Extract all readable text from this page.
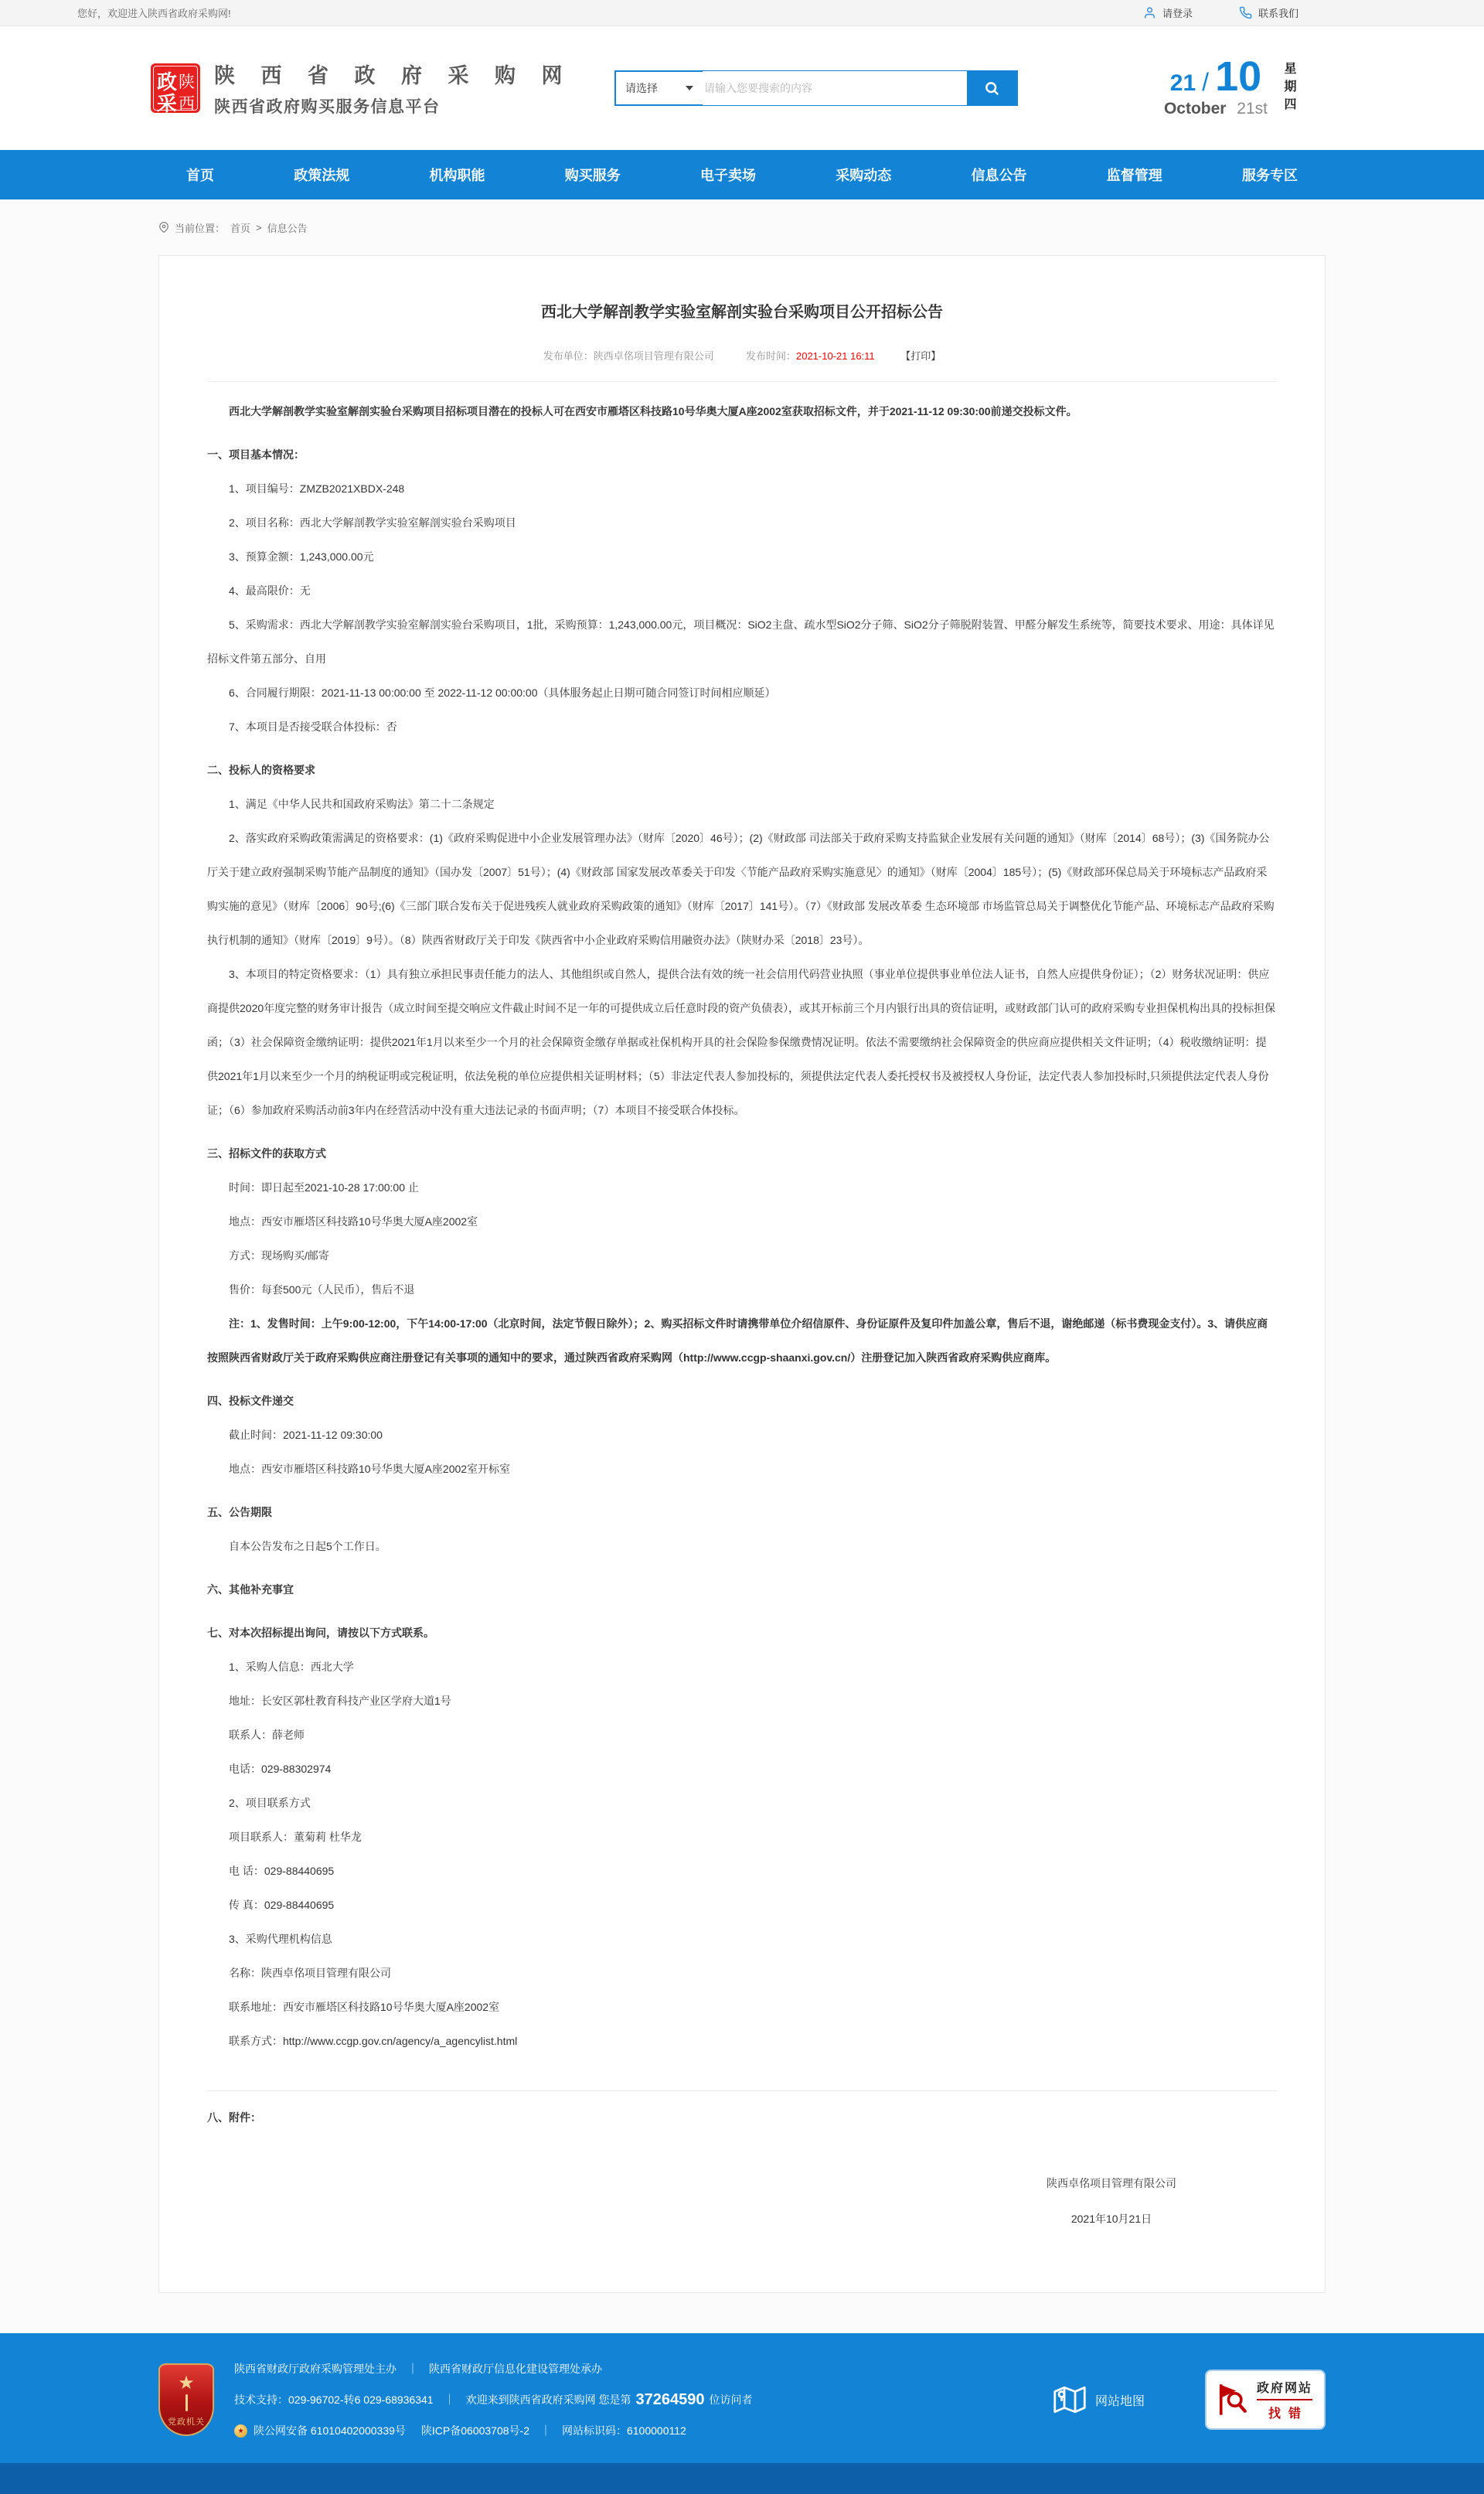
您好，欢迎进入陕西省政府采购网!	请登录	联系我们
政
采
陕
西
陕 西 省 政 府 采 购 网
陕西省政府购买服务信息平台
请选择
请输入您要搜索的内容	21 / 10
October 21st 星期四
首页	政策法规	机构职能	购买服务	电子卖场	采购动态	信息公告	监督管理	服务专区
当前位置： 首页 > 信息公告
西北大学解剖教学实验室解剖实验台采购项目公开招标公告
发布单位：陕西卓佲项目管理有限公司	发布时间：2021-10-21 16:11	【打印】

西北大学解剖教学实验室解剖实验台采购项目招标项目潜在的投标人可在西安市雁塔区科技路10号华奥大厦A座2002室获取招标文件，并于2021-11-12 09:30:00前递交投标文件。

一、项目基本情况：

1、项目编号：ZMZB2021XBDX-248

2、项目名称：西北大学解剖教学实验室解剖实验台采购项目

3、预算金额：1,243,000.00元

4、最高限价：无

5、采购需求：西北大学解剖教学实验室解剖实验台采购项目，1批，采购预算：1,243,000.00元，项目概况：SiO2主盘、疏水型SiO2分子筛、SiO2分子筛脱附装置、甲醛分解发生系统等，简要技术要求、用途：具体详见招标文件第五部分、自用

6、合同履行期限：2021-11-13 00:00:00 至 2022-11-12 00:00:00（具体服务起止日期可随合同签订时间相应顺延）

7、本项目是否接受联合体投标：否

二、投标人的资格要求

1、满足《中华人民共和国政府采购法》第二十二条规定

2、落实政府采购政策需满足的资格要求：(1)《政府采购促进中小企业发展管理办法》（财库〔2020〕46号）；(2)《财政部 司法部关于政府采购支持监狱企业发展有关问题的通知》（财库〔2014〕68号）；(3)《国务院办公厅关于建立政府强制采购节能产品制度的通知》（国办发〔2007〕51号）；(4)《财政部 国家发展改革委关于印发〈节能产品政府采购实施意见〉的通知》（财库〔2004〕185号）；(5)《财政部环保总局关于环境标志产品政府采购实施的意见》（财库〔2006〕90号;(6)《三部门联合发布关于促进残疾人就业政府采购政策的通知》（财库〔2017〕141号）。（7）《财政部 发展改革委 生态环境部 市场监管总局关于调整优化节能产品、环境标志产品政府采购执行机制的通知》（财库〔2019〕9号）。（8）陕西省财政厅关于印发《陕西省中小企业政府采购信用融资办法》（陕财办采〔2018〕23号）。

3、本项目的特定资格要求：（1）具有独立承担民事责任能力的法人、其他组织或自然人，提供合法有效的统一社会信用代码营业执照（事业单位提供事业单位法人证书，自然人应提供身份证）；（2）财务状况证明：供应商提供2020年度完整的财务审计报告（成立时间至提交响应文件截止时间不足一年的可提供成立后任意时段的资产负债表），或其开标前三个月内银行出具的资信证明，或财政部门认可的政府采购专业担保机构出具的投标担保函；（3）社会保障资金缴纳证明：提供2021年1月以来至少一个月的社会保障资金缴存单据或社保机构开具的社会保险参保缴费情况证明。依法不需要缴纳社会保障资金的供应商应提供相关文件证明；（4）税收缴纳证明：提供2021年1月以来至少一个月的纳税证明或完税证明，依法免税的单位应提供相关证明材料；（5）非法定代表人参加投标的，须提供法定代表人委托授权书及被授权人身份证，法定代表人参加投标时,只须提供法定代表人身份证；（6）参加政府采购活动前3年内在经营活动中没有重大违法记录的书面声明；（7）本项目不接受联合体投标。

三、招标文件的获取方式

时间：即日起至2021-10-28 17:00:00 止

地点：西安市雁塔区科技路10号华奥大厦A座2002室

方式：现场购买/邮寄

售价：每套500元（人民币），售后不退

注：1、发售时间：上午9:00-12:00，下午14:00-17:00（北京时间，法定节假日除外）；2、购买招标文件时请携带单位介绍信原件、身份证原件及复印件加盖公章，售后不退，谢绝邮递（标书费现金支付）。3、请供应商按照陕西省财政厅关于政府采购供应商注册登记有关事项的通知中的要求，通过陕西省政府采购网（http://www.ccgp-shaanxi.gov.cn/）注册登记加入陕西省政府采购供应商库。

四、投标文件递交

截止时间：2021-11-12 09:30:00

地点：西安市雁塔区科技路10号华奥大厦A座2002室开标室

五、公告期限

自本公告发布之日起5个工作日。

六、其他补充事宜
七、对本次招标提出询问，请按以下方式联系。

1、采购人信息：西北大学

地址：长安区郭杜教育科技产业区学府大道1号

联系人：薛老师

电话：029-88302974

2、项目联系方式

项目联系人：董菊莉 杜华龙

电 话：029-88440695

传 真：029-88440695

3、采购代理机构信息

名称：陕西卓佲项目管理有限公司

联系地址：西安市雁塔区科技路10号华奥大厦A座2002室

联系方式：http://www.ccgp.gov.cn/agency/a_agencylist.html

八、附件：
陕西卓佲项目管理有限公司
2021年10月21日
★
党政机关
陕西省财政厅政府采购管理处主办 ｜ 陕西省财政厅信息化建设管理处承办
技术支持：029-96702-转6 029-68936341 ｜ 欢迎来到陕西省政府采购网 您是第 37264590 位访问者
★ 陕公网安备 61010402000339号 陕ICP备06003708号-2 ｜ 网站标识码：6100000112
网站地图
政府网站
找错
